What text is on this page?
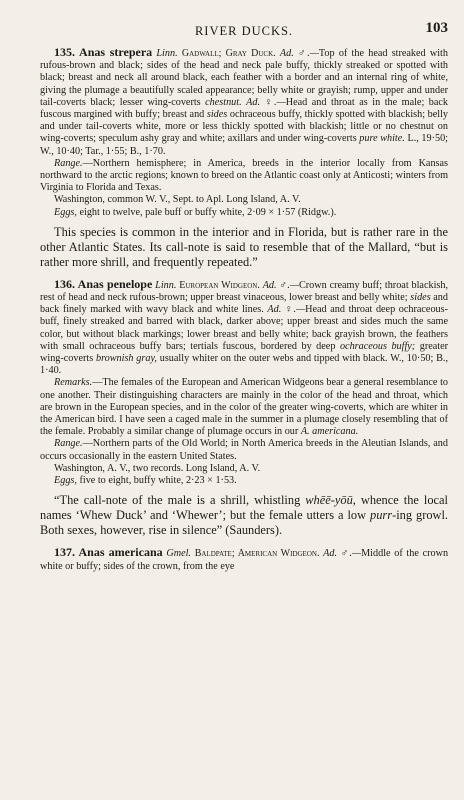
RIVER DUCKS.	103

135. Anas strepera Linn. Gadwall; Gray Duck. Ad. ♂.—Top of the head streaked with rufous-brown and black; sides of the head and neck pale buffy, thickly streaked or spotted with black; breast and neck all around black, each feather with a border and an internal ring of white, giving the plumage a beautifully scaled appearance; belly white or grayish; rump, upper and under tail-coverts black; lesser wing-coverts chestnut. Ad. ♀.—Head and throat as in the male; back fuscous margined with buffy; breast and sides ochraceous buffy, thickly spotted with blackish; belly and under tail-coverts white, more or less thickly spotted with blackish; little or no chestnut on wing-coverts; speculum ashy gray and white; axillars and under wing-coverts pure white. L., 19·50; W., 10·40; Tar., 1·55; B., 1·70.

Range.—Northern hemisphere; in America, breeds in the interior locally from Kansas northward to the arctic regions; known to breed on the Atlantic coast only at Anticosti; winters from Virginia to Florida and Texas.

Washington, common W. V., Sept. to Apl. Long Island, A. V.

Eggs, eight to twelve, pale buff or buffy white, 2·09 × 1·57 (Ridgw.).

This species is common in the interior and in Florida, but is rather rare in the other Atlantic States. Its call-note is said to resemble that of the Mallard, “but is rather more shrill, and frequently repeated.”

136. Anas penelope Linn. European Widgeon. Ad. ♂.—Crown creamy buff; throat blackish, rest of head and neck rufous-brown; upper breast vinaceous, lower breast and belly white; sides and back finely marked with wavy black and white lines. Ad. ♀.—Head and throat deep ochraceous-buff, finely streaked and barred with black, darker above; upper breast and sides much the same color, but without black markings; lower breast and belly white; back grayish brown, the feathers with small ochraceous buffy bars; tertials fuscous, bordered by deep ochraceous buffy; greater wing-coverts brownish gray, usually whiter on the outer webs and tipped with black. W., 10·50; B., 1·40.

Remarks.—The females of the European and American Widgeons bear a general resemblance to one another. Their distinguishing characters are mainly in the color of the head and throat, which are brown in the European species, and in the color of the greater wing-coverts, which are whiter in the American bird. I have seen a caged male in the summer in a plumage closely resembling that of the female. Probably a similar change of plumage occurs in our A. americana.

Range.—Northern parts of the Old World; in North America breeds in the Aleutian Islands, and occurs occasionally in the eastern United States.

Washington, A. V., two records. Long Island, A. V.

Eggs, five to eight, buffy white, 2·23 × 1·53.

“The call-note of the male is a shrill, whistling whēē-yōū, whence the local names ‘Whew Duck’ and ‘Whewer’; but the female utters a low purr-ing growl. Both sexes, however, rise in silence” (Saunders).

137. Anas americana Gmel. Baldpate; American Widgeon. Ad. ♂.—Middle of the crown white or buffy; sides of the crown, from the eye
